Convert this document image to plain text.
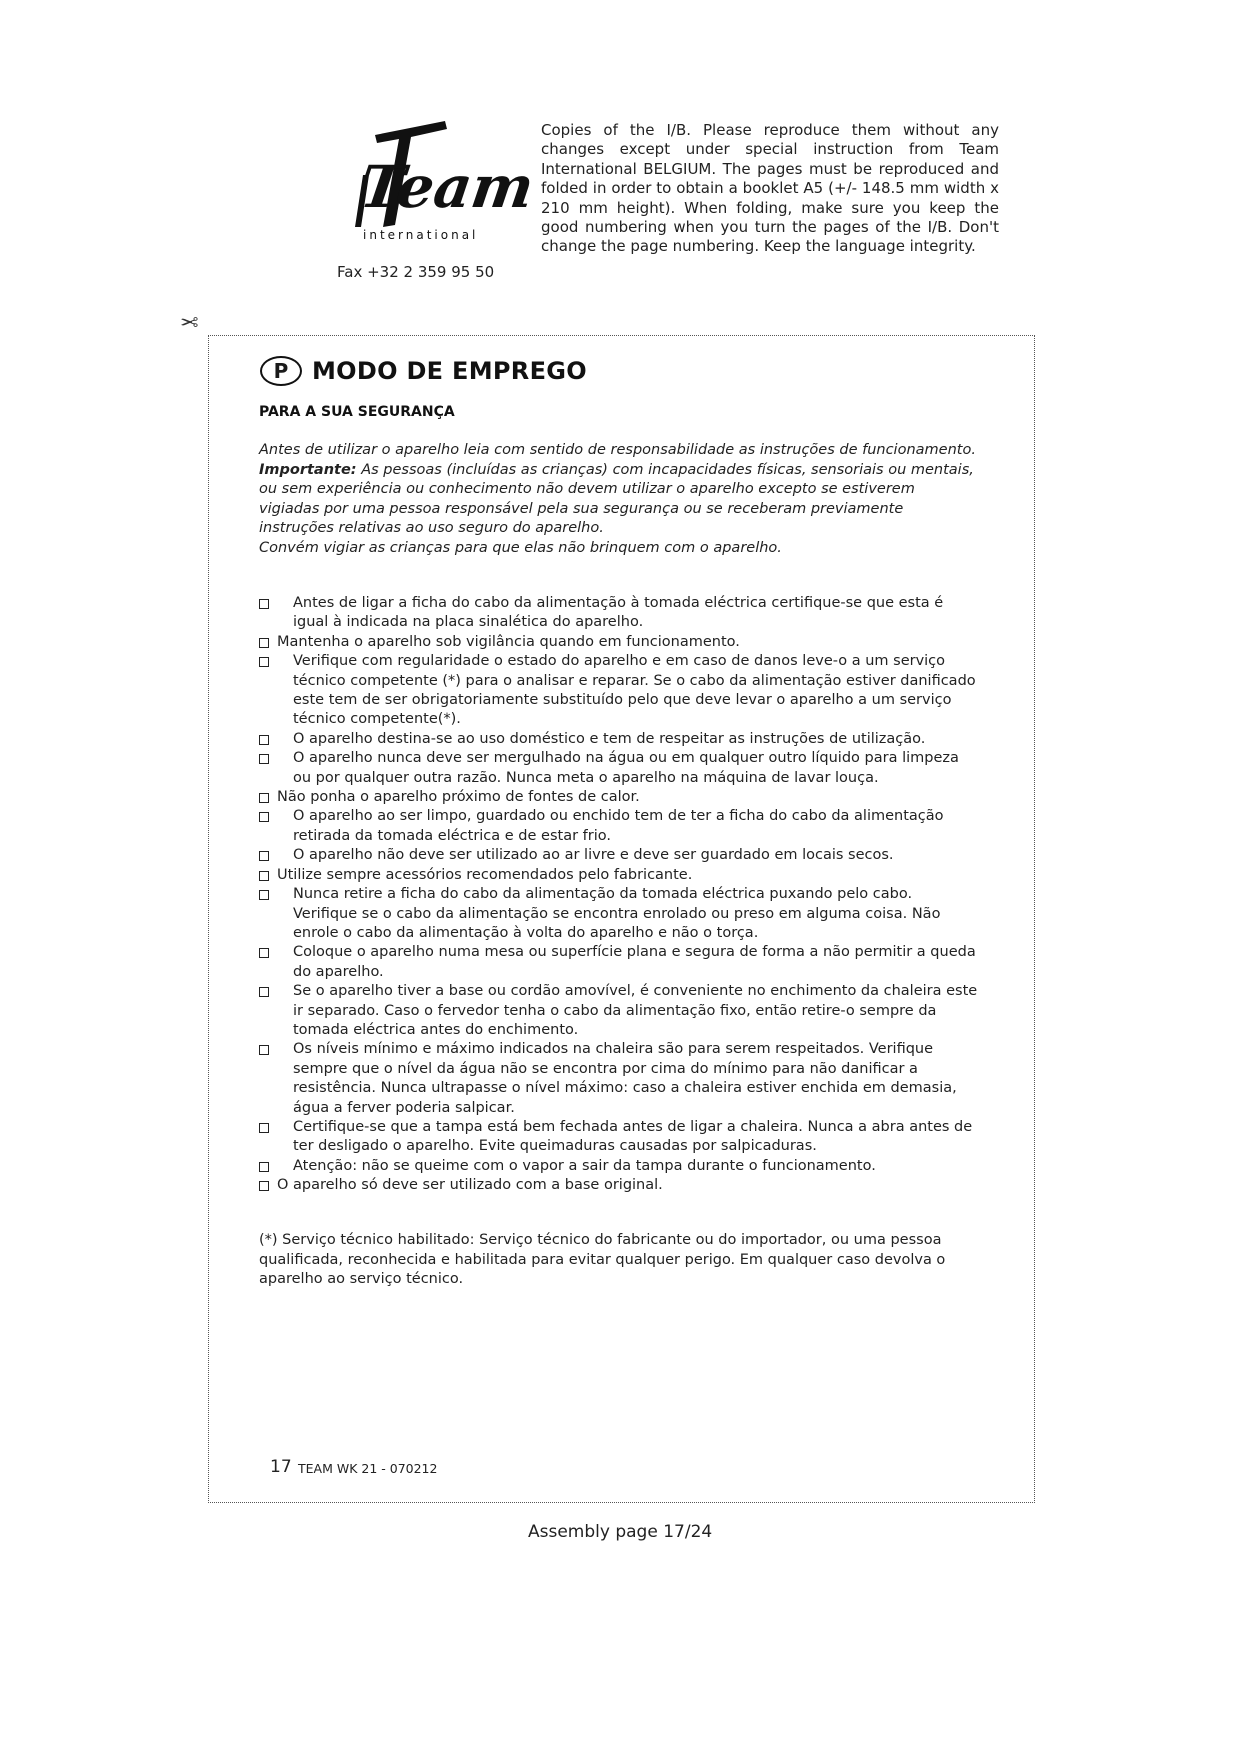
Team
international
Fax +32 2 359 95 50
Copies of the I/B. Please reproduce them without any changes except under special instruction from Team International BELGIUM. The pages must be reproduced and folded in order to obtain a booklet A5 (+/- 148.5 mm width x 210 mm height). When folding, make sure you keep the good numbering when you turn the pages of the I/B. Don't change the page numbering. Keep the language integrity.
✂
P MODO DE EMPREGO
PARA A SUA SEGURANÇA
Antes de utilizar o aparelho leia com sentido de responsabilidade as instruções de funcionamento.
Importante: As pessoas (incluídas as crianças) com incapacidades físicas, sensoriais ou mentais, ou sem experiência ou conhecimento não devem utilizar o aparelho excepto se estiverem vigiadas por uma pessoa responsável pela sua segurança ou se receberam previamente instruções relativas ao uso seguro do aparelho.
Convém vigiar as crianças para que elas não brinquem com o aparelho.
Antes de ligar a ficha do cabo da alimentação à tomada eléctrica certifique-se que esta é igual à indicada na placa sinalética do aparelho.
Mantenha o aparelho sob vigilância quando em funcionamento.
Verifique com regularidade o estado do aparelho e em caso de danos leve-o a um serviço técnico competente (*) para o analisar e reparar. Se o cabo da alimentação estiver danificado este tem de ser obrigatoriamente substituído pelo que deve levar o aparelho a um serviço técnico competente(*).
O aparelho destina-se ao uso doméstico e tem de respeitar as instruções de utilização.
O aparelho nunca deve ser mergulhado na água ou em qualquer outro líquido para limpeza ou por qualquer outra razão. Nunca meta o aparelho na máquina de lavar louça.
Não ponha o aparelho próximo de fontes de calor.
O aparelho ao ser limpo, guardado ou enchido tem de ter a ficha do cabo da alimentação retirada da tomada eléctrica e de estar frio.
O aparelho não deve ser utilizado ao ar livre e deve ser guardado em locais secos.
Utilize sempre acessórios recomendados pelo fabricante.
Nunca retire a ficha do cabo da alimentação da tomada eléctrica puxando pelo cabo. Verifique se o cabo da alimentação se encontra enrolado ou preso em alguma coisa. Não enrole o cabo da alimentação à volta do aparelho e não o torça.
Coloque o aparelho numa mesa ou superfície plana e segura de forma a não permitir a queda do aparelho.
Se o aparelho tiver a base ou cordão amovível, é conveniente no enchimento da chaleira este ir separado. Caso o fervedor tenha o cabo da alimentação fixo, então retire-o sempre da tomada eléctrica antes do enchimento.
Os níveis mínimo e máximo indicados na chaleira são para serem respeitados. Verifique sempre que o nível da água não se encontra por cima do mínimo para não danificar a resistência. Nunca ultrapasse o nível máximo: caso a chaleira estiver enchida em demasia, água a ferver poderia salpicar.
Certifique-se que a tampa está bem fechada antes de ligar a chaleira. Nunca a abra antes de ter desligado o aparelho. Evite queimaduras causadas por salpicaduras.
Atenção: não se queime com o vapor a sair da tampa durante o funcionamento.
O aparelho só deve ser utilizado com a base original.
(*) Serviço técnico habilitado: Serviço técnico do fabricante ou do importador, ou uma pessoa qualificada, reconhecida e habilitada para evitar qualquer perigo. Em qualquer caso devolva o aparelho ao serviço técnico.
17 TEAM WK 21 - 070212
Assembly page 17/24
